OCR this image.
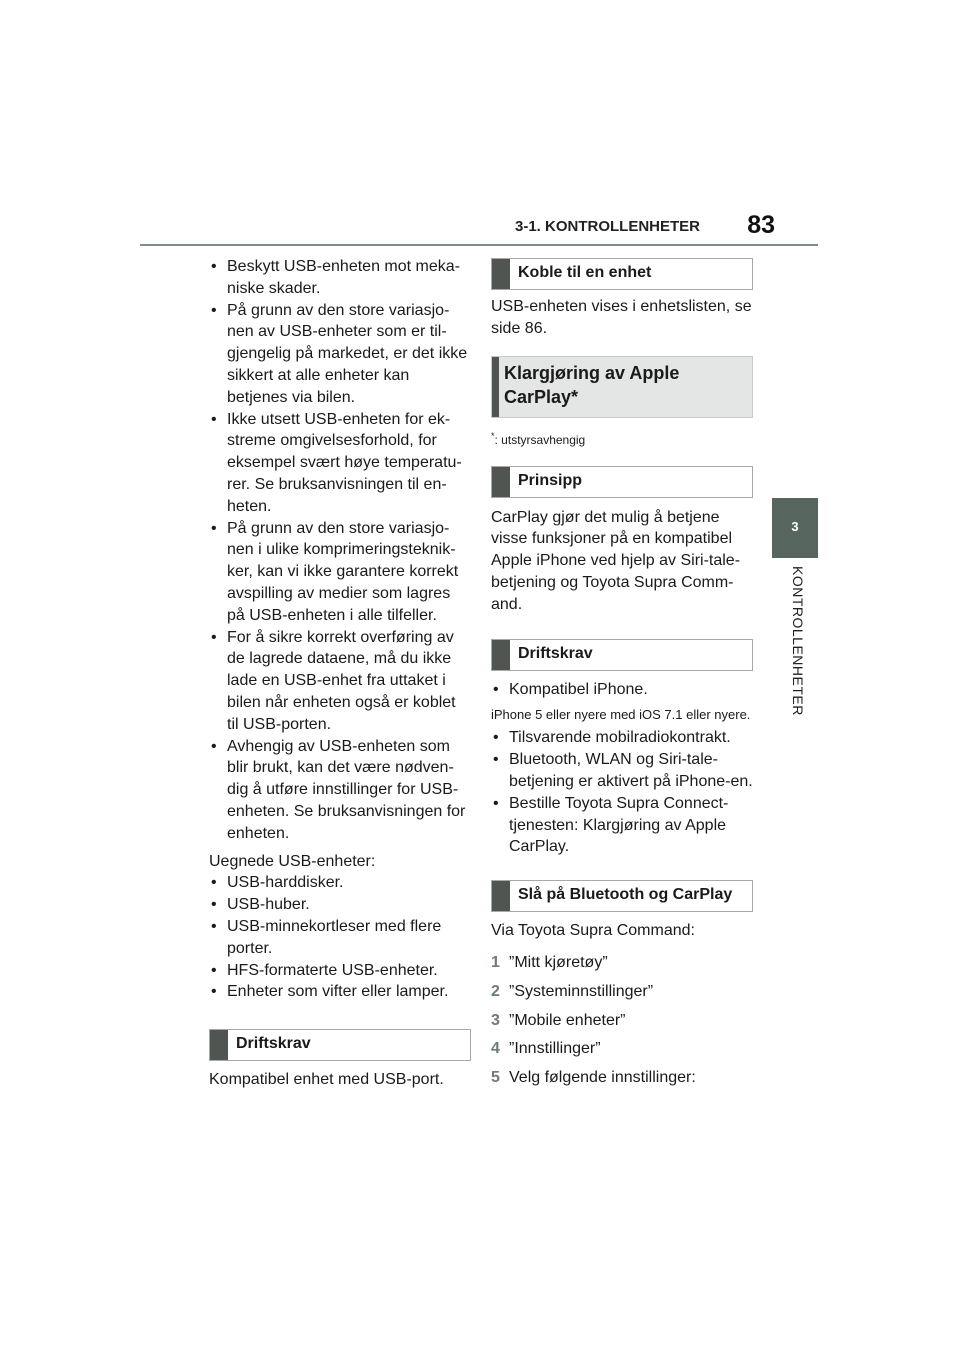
3-1. KONTROLLENHETER	83
3
KONTROLLENHETER
• Beskytt USB-enheten mot meka-niske skader.
• På grunn av den store variasjo-nen av USB-enheter som er til-gjengelig på markedet, er det ikke sikkert at alle enheter kan betjenes via bilen.
• Ikke utsett USB-enheten for ek-streme omgivelsesforhold, for eksempel svært høye temperatu-rer. Se bruksanvisningen til en-heten.
• På grunn av den store variasjo-nen i ulike komprimeringsteknik-ker, kan vi ikke garantere korrekt avspilling av medier som lagres på USB-enheten i alle tilfeller.
• For å sikre korrekt overføring av de lagrede dataene, må du ikke lade en USB-enhet fra uttaket i bilen når enheten også er koblet til USB-porten.
• Avhengig av USB-enheten som blir brukt, kan det være nødven-dig å utføre innstillinger for USB-enheten. Se bruksanvisningen for enheten.

Uegnede USB-enheter:

• USB-harddisker.
• USB-huber.
• USB-minnekortleser med flere porter.
• HFS-formaterte USB-enheter.
• Enheter som vifter eller lamper.
Driftskrav

Kompatibel enhet med USB-port.

Koble til en enhet

USB-enheten vises i enhetslisten, se side 86.

Klargjøring av Apple CarPlay*

*: utstyrsavhengig

Prinsipp

CarPlay gjør det mulig å betjene visse funksjoner på en kompatibel Apple iPhone ved hjelp av Siri-tale-betjening og Toyota Supra Comm-and.

Driftskrav
• Kompatibel iPhone.

iPhone 5 eller nyere med iOS 7.1 eller nyere.

• Tilsvarende mobilradiokontrakt.
• Bluetooth, WLAN og Siri-tale-betjening er aktivert på iPhone-en.
• Bestille Toyota Supra Connect-tjenesten: Klargjøring av Apple CarPlay.
Slå på Bluetooth og CarPlay

Via Toyota Supra Command:

1 ”Mitt kjøretøy”
2 ”Systeminnstillinger”
3 ”Mobile enheter”
4 ”Innstillinger”
5 Velg følgende innstillinger:
